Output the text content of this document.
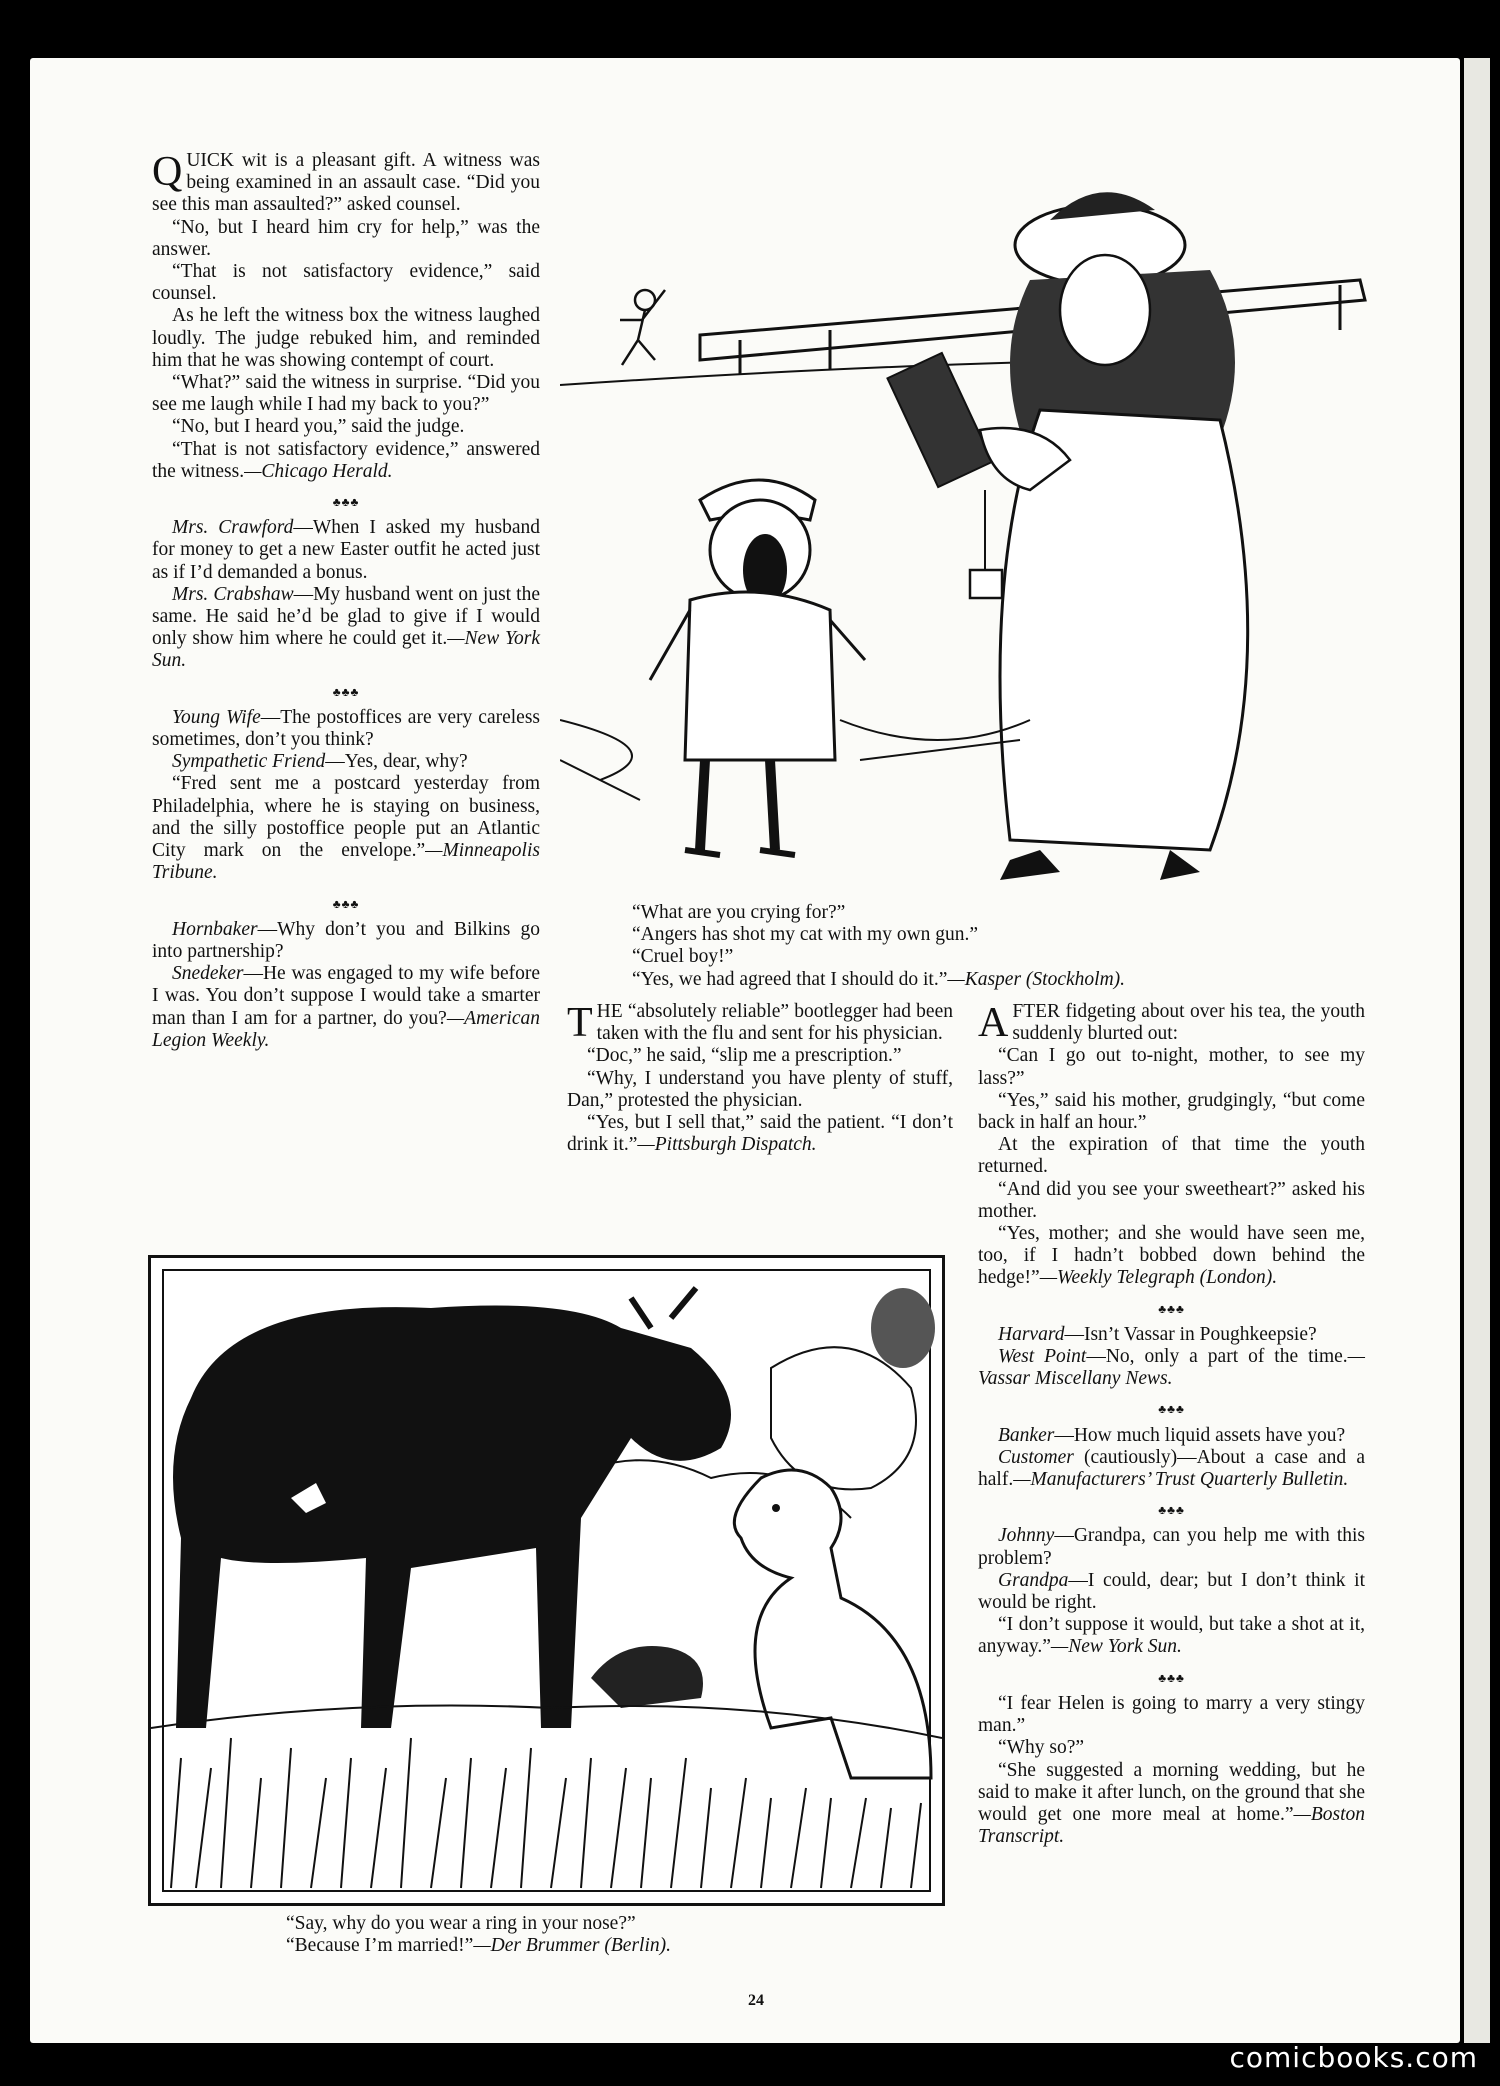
QUICK wit is a pleasant gift. A witness was being examined in an assault case. “Did you see this man assaulted?” asked counsel.

“No, but I heard him cry for help,” was the answer.

“That is not satisfactory evidence,” said counsel.

As he left the witness box the witness laughed loudly. The judge rebuked him, and reminded him that he was showing contempt of court.

“What?” said the witness in surprise. “Did you see me laugh while I had my back to you?”

“No, but I heard you,” said the judge.

“That is not satisfactory evidence,” answered the witness.—Chicago Herald.

♣♣♣

Mrs. Crawford—When I asked my husband for money to get a new Easter outfit he acted just as if I’d demanded a bonus.

Mrs. Crabshaw—My husband went on just the same. He said he’d be glad to give if I would only show him where he could get it.—New York Sun.

♣♣♣

Young Wife—The postoffices are very careless sometimes, don’t you think?

Sympathetic Friend—Yes, dear, why?

“Fred sent me a postcard yesterday from Philadelphia, where he is staying on business, and the silly postoffice people put an Atlantic City mark on the envelope.”—Minneapolis Tribune.

♣♣♣

Hornbaker—Why don’t you and Bilkins go into partnership?

Snedeker—He was engaged to my wife before I was. You don’t suppose I would take a smarter man than I am for a partner, do you?—American Legion Weekly.

“What are you crying for?”

“Angers has shot my cat with my own gun.”

“Cruel boy!”

“Yes, we had agreed that I should do it.”—Kasper (Stockholm).

THE “absolutely reliable” bootlegger had been taken with the flu and sent for his physician.

“Doc,” he said, “slip me a prescription.”

“Why, I understand you have plenty of stuff, Dan,” protested the physician.

“Yes, but I sell that,” said the patient. “I don’t drink it.”—Pittsburgh Dispatch.

AFTER fidgeting about over his tea, the youth suddenly blurted out:

“Can I go out to-night, mother, to see my lass?”

“Yes,” said his mother, grudgingly, “but come back in half an hour.”

At the expiration of that time the youth returned.

“And did you see your sweetheart?” asked his mother.

“Yes, mother; and she would have seen me, too, if I hadn’t bobbed down behind the hedge!”—Weekly Telegraph (London).

♣♣♣

Harvard—Isn’t Vassar in Poughkeepsie?

West Point—No, only a part of the time.—Vassar Miscellany News.

♣♣♣

Banker—How much liquid assets have you?

Customer (cautiously)—About a case and a half.—Manufacturers’ Trust Quarterly Bulletin.

♣♣♣

Johnny—Grandpa, can you help me with this problem?

Grandpa—I could, dear; but I don’t think it would be right.

“I don’t suppose it would, but take a shot at it, anyway.”—New York Sun.

♣♣♣

“I fear Helen is going to marry a very stingy man.”

“Why so?”

“She suggested a morning wedding, but he said to make it after lunch, on the ground that she would get one more meal at home.”—Boston Transcript.

“Say, why do you wear a ring in your nose?”

“Because I’m married!”—Der Brummer (Berlin).

24
comicbooks.com
